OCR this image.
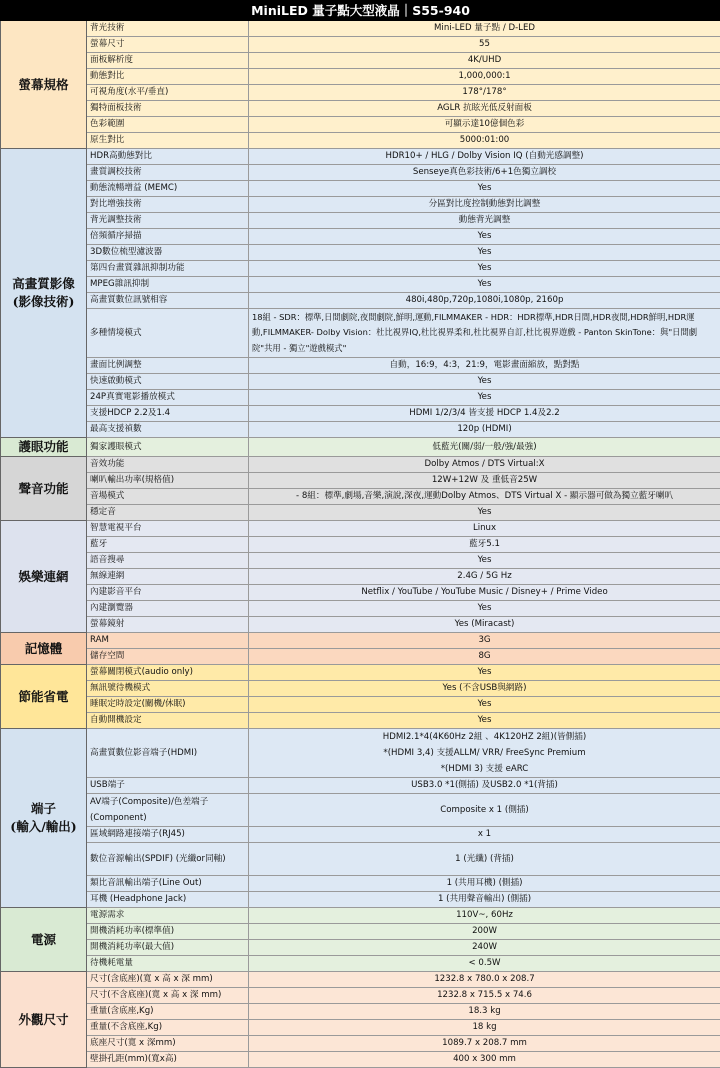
MiniLED 量子點大型液晶｜S55-940		
螢幕規格	背光技術	Mini-LED 量子點 / D-LED
	螢幕尺寸	55
	面板解析度	4K/UHD
	動態對比	1,000,000:1
	可視角度(水平/垂直)	178°/178°
	獨特面板技術	AGLR 抗眩光低反射面板
	色彩範圍	可顯示達10億個色彩
	原生對比	5000:01:00
高畫質影像
(影像技術)	HDR高動態對比	HDR10+ / HLG / Dolby Vision IQ (自動光感調整)
	畫質調校技術	Senseye真色彩技術/6+1色獨立調校
	動態流暢增益 (MEMC)	Yes
	對比增強技術	分區對比度控制動態對比調整
	背光調整技術	動態背光調整
	倍頻循序掃描	Yes
	3D數位梳型濾波器	Yes
	第四台畫質雜訊抑制功能	Yes
	MPEG雜訊抑制	Yes
	高畫質數位訊號相容	480i,480p,720p,1080i,1080p, 2160p
	多種情境模式	18組 - SDR：標準,日間劇院,夜間劇院,鮮明,運動,FILMMAKER - HDR：HDR標準,HDR日間,HDR夜間,HDR鮮明,HDR運動,FILMMAKER- Dolby Vision：杜比視界IQ,杜比視界柔和,杜比視界自訂,杜比視界遊戲 - Panton SkinTone：與"日間劇院"共用 - 獨立"遊戲模式"
	畫面比例調整	自動，16:9，4:3，21:9，電影畫面縮放，點對點
	快速啟動模式	Yes
	24P真實電影播放模式	Yes
	支援HDCP 2.2及1.4	HDMI 1/2/3/4 皆支援 HDCP 1.4及2.2
	最高支援禎數	120p (HDMI)
護眼功能	獨家護眼模式	低藍光(關/弱/一般/強/最強)
聲音功能	音效功能	Dolby Atmos / DTS Virtual:X
	喇叭輸出功率(規格值)	12W+12W 及 重低音25W
	音場模式	- 8組：標準,劇場,音樂,演說,深夜,運動Dolby Atmos、DTS Virtual X - 顯示器可做為獨立藍牙喇叭
	穩定音	Yes
娛樂連網	智慧電視平台	Linux
	藍牙	藍牙5.1
	語音搜尋	Yes
	無線連網	2.4G / 5G Hz
	內建影音平台	Netflix / YouTube / YouTube Music / Disney+ / Prime Video
	內建瀏覽器	Yes
	螢幕鏡射	Yes (Miracast)
記憶體	RAM	3G
	儲存空間	8G
節能省電	螢幕關閉模式(audio only)	Yes
	無訊號待機模式	Yes (不含USB與網路)
	睡眠定時設定(關機/休眠)	Yes
	自動開機設定	Yes
端子
(輸入/輸出)	高畫質數位影音端子(HDMI)	HDMI2.1*4(4K60Hz 2組 、4K120HZ 2組)(皆側插)
*(HDMI 3,4) 支援ALLM/ VRR/ FreeSync Premium
*(HDMI 3) 支援 eARC
	USB端子	USB3.0 *1(側插) 及USB2.0 *1(背插)
	AV端子(Composite)/色差端子(Component)	Composite x 1 (側插)
	區域網路連接端子(RJ45)	x 1
	數位音源輸出(SPDIF) (光纖or同軸)	1 (光纖) (背插)
	類比音訊輸出端子(Line Out)	1 (共用耳機) (側插)
	耳機 (Headphone Jack)	1 (共用聲音輸出) (側插)
電源	電源需求	110V~, 60Hz
	開機消耗功率(標準值)	200W
	開機消耗功率(最大值)	240W
	待機耗電量	< 0.5W
外觀尺寸	尺寸(含底座)(寬 x 高 x 深 mm)	1232.8 x 780.0 x 208.7
	尺寸(不含底座)(寬 x 高 x 深 mm)	1232.8 x 715.5 x 74.6
	重量(含底座,Kg)	18.3 kg
	重量(不含底座,Kg)	18 kg
	底座尺寸(寬 x 深mm)	1089.7 x 208.7 mm
	壁掛孔距(mm)(寬x高)	400 x 300 mm
